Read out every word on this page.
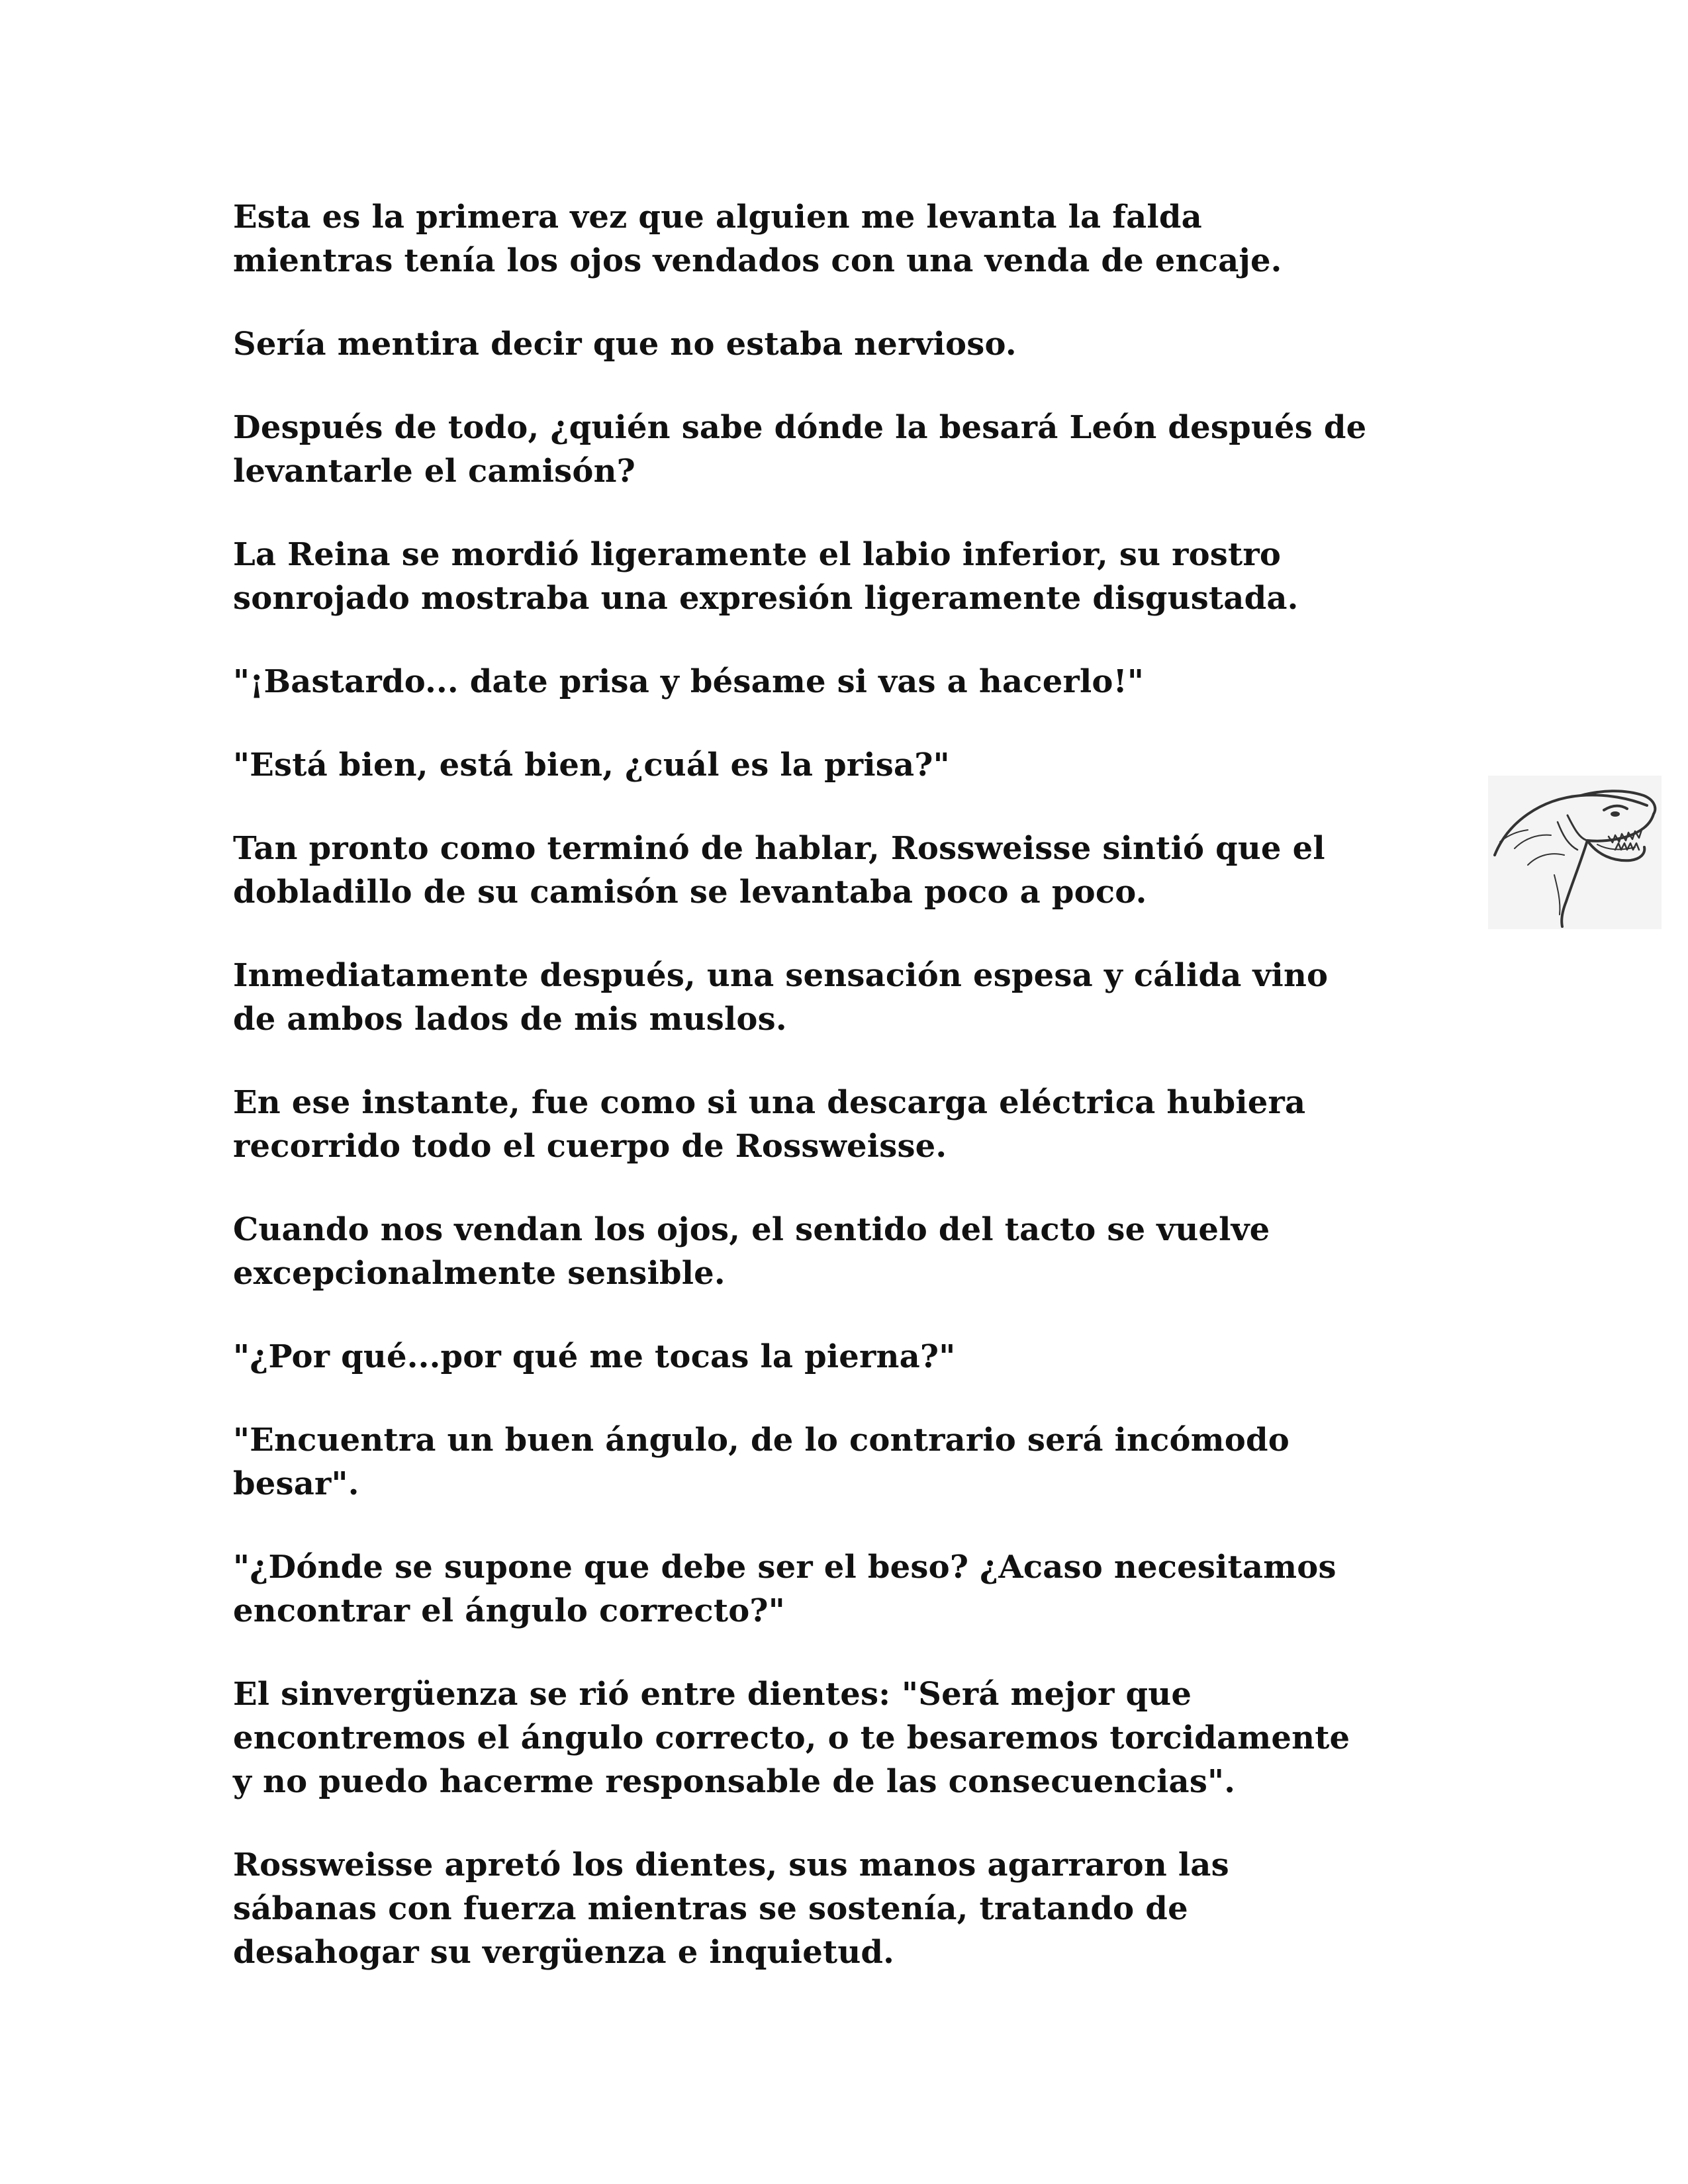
Esta es la primera vez que alguien me levanta la falda
mientras tenía los ojos vendados con una venda de encaje.

Sería mentira decir que no estaba nervioso.

Después de todo, ¿quién sabe dónde la besará León después de
levantarle el camisón?

La Reina se mordió ligeramente el labio inferior, su rostro
sonrojado mostraba una expresión ligeramente disgustada.

"¡Bastardo... date prisa y bésame si vas a hacerlo!"

"Está bien, está bien, ¿cuál es la prisa?"

Tan pronto como terminó de hablar, Rossweisse sintió que el
dobladillo de su camisón se levantaba poco a poco.

Inmediatamente después, una sensación espesa y cálida vino
de ambos lados de mis muslos.

En ese instante, fue como si una descarga eléctrica hubiera
recorrido todo el cuerpo de Rossweisse.

Cuando nos vendan los ojos, el sentido del tacto se vuelve
excepcionalmente sensible.

"¿Por qué...por qué me tocas la pierna?"

"Encuentra un buen ángulo, de lo contrario será incómodo
besar".

"¿Dónde se supone que debe ser el beso? ¿Acaso necesitamos
encontrar el ángulo correcto?"

El sinvergüenza se rió entre dientes: "Será mejor que
encontremos el ángulo correcto, o te besaremos torcidamente
y no puedo hacerme responsable de las consecuencias".

Rossweisse apretó los dientes, sus manos agarraron las
sábanas con fuerza mientras se sostenía, tratando de
desahogar su vergüenza e inquietud.
